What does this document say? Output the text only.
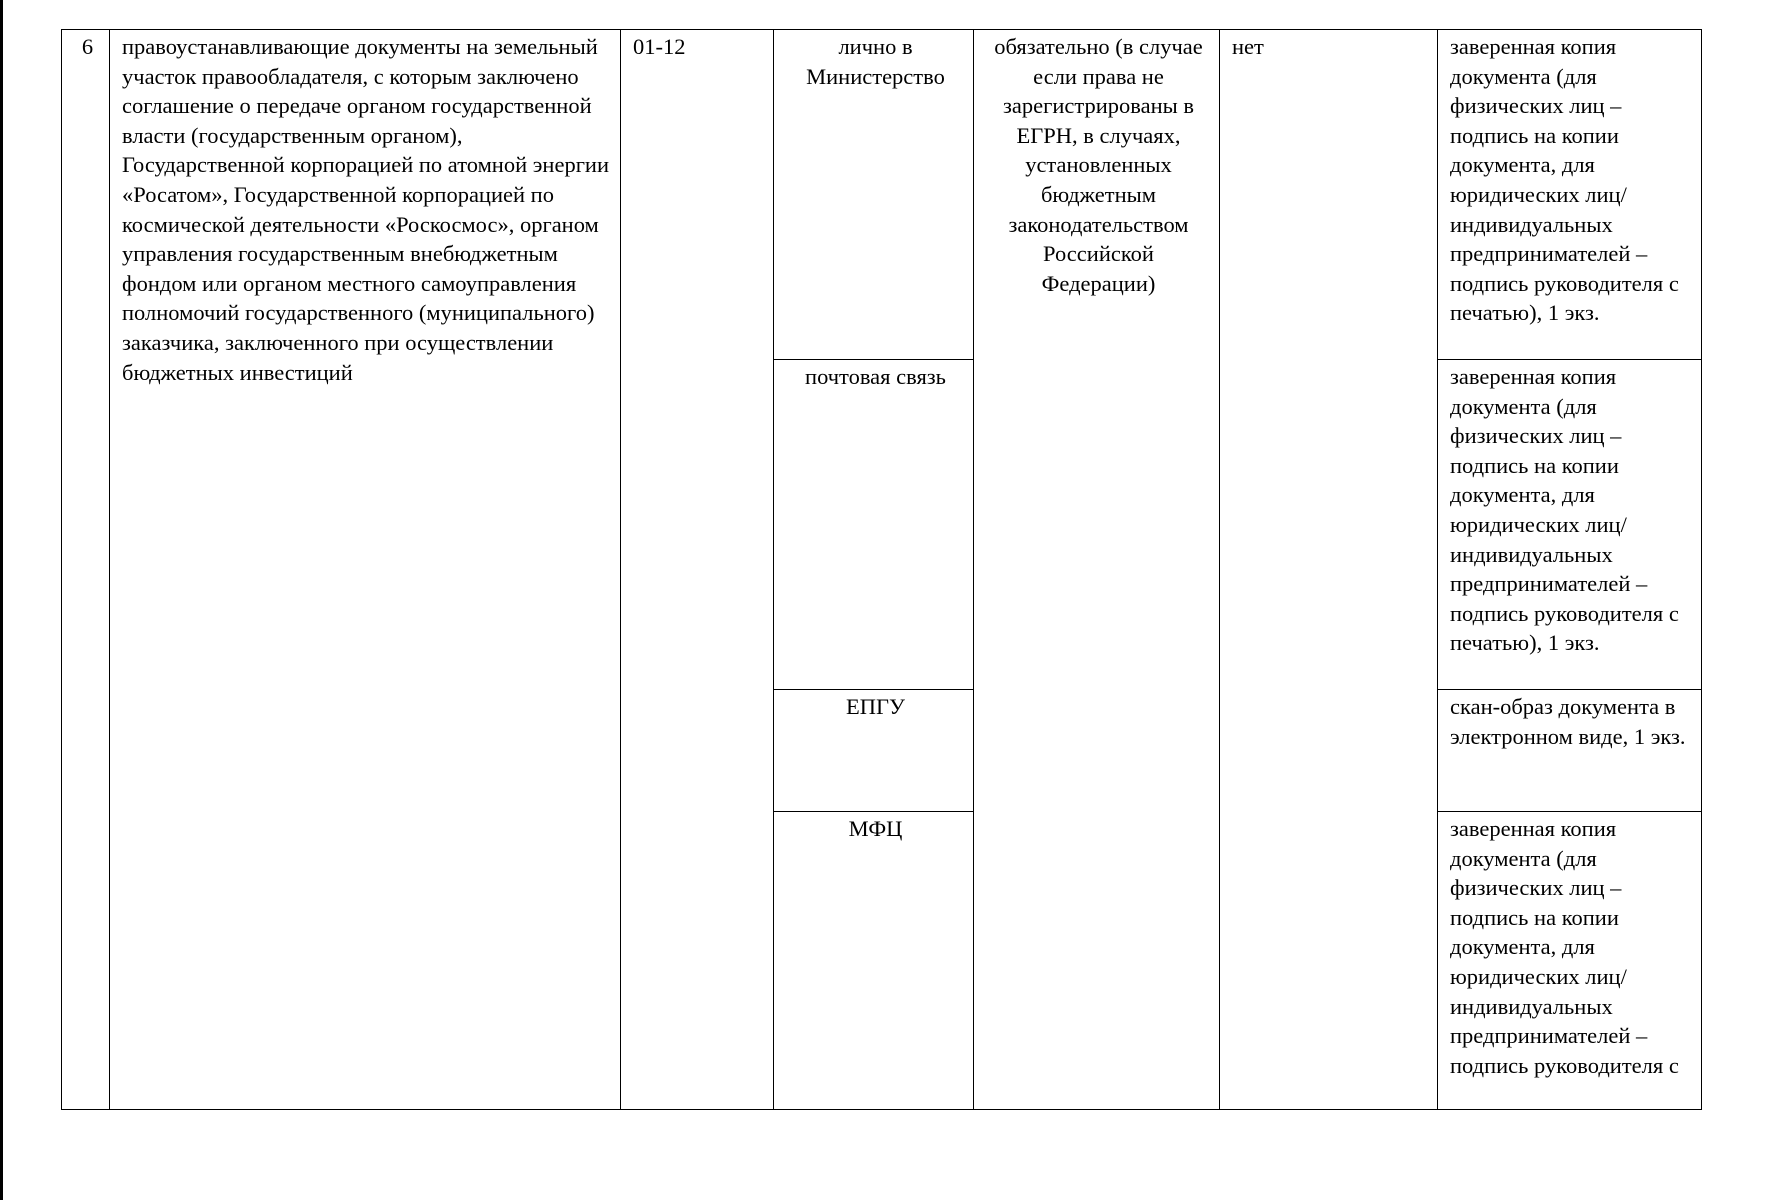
6	правоустанавливающие документы на земельный участок правообладателя, с которым заключено соглашение о передаче органом государственной власти (государственным органом), Государственной корпорацией по атомной энергии «Росатом», Государственной корпорацией по космической деятельности «Роскосмос», органом управления государственным внебюджетным фондом или органом местного самоуправления полномочий государственного (муниципального) заказчика, заключенного при осуществлении бюджетных инвестиций	01-12	лично в Министерство	обязательно (в случае если права не зарегистрированы в ЕГРН, в случаях, установленных бюджетным законодательством Российской Федерации)	нет	заверенная копия документа (для физических лиц – подпись на копии документа, для юридических лиц/индивидуальных предпринимателей – подпись руководителя с печатью), 1 экз.

			почтовая связь			заверенная копия документа (для физических лиц – подпись на копии документа, для юридических лиц/индивидуальных предпринимателей – подпись руководителя с печатью), 1 экз.

			ЕПГУ			скан-образ документа в электронном виде, 1 экз.

			МФЦ			заверенная копия документа (для физических лиц – подпись на копии документа, для юридических лиц/индивидуальных предпринимателей – подпись руководителя с
